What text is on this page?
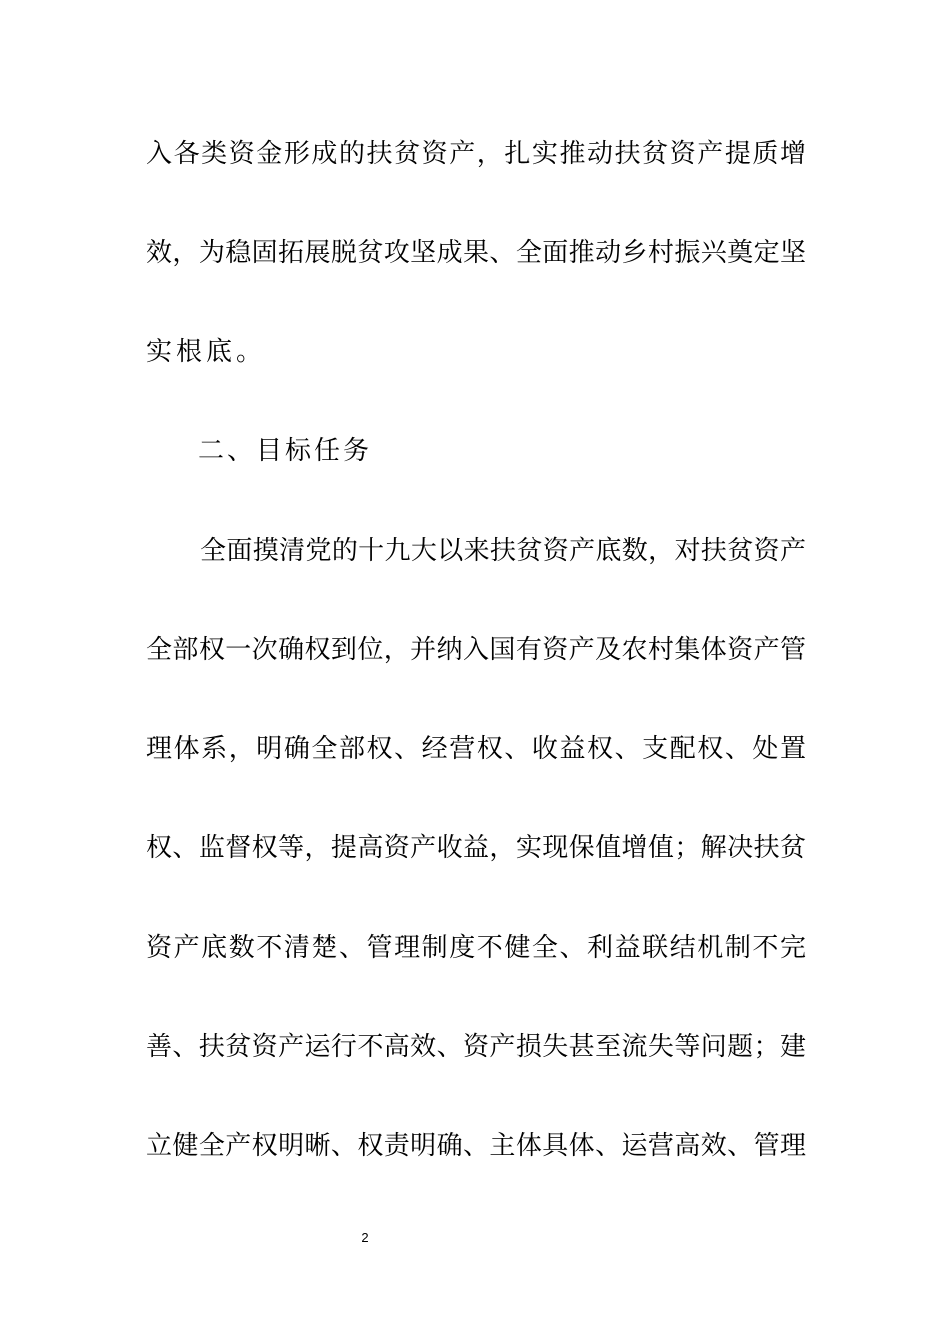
入各类资金形成的扶贫资产，扎实推动扶贫资产提质增
效，为稳固拓展脱贫攻坚成果、全面推动乡村振兴奠定坚
实根底。
二、目标任务
全面摸清党的十九大以来扶贫资产底数，对扶贫资产
全部权一次确权到位，并纳入国有资产及农村集体资产管
理体系，明确全部权、经营权、收益权、支配权、处置
权、监督权等，提高资产收益，实现保值增值；解决扶贫
资产底数不清楚、管理制度不健全、利益联结机制不完
善、扶贫资产运行不高效、资产损失甚至流失等问题；建
立健全产权明晰、权责明确、主体具体、运营高效、管理
2
